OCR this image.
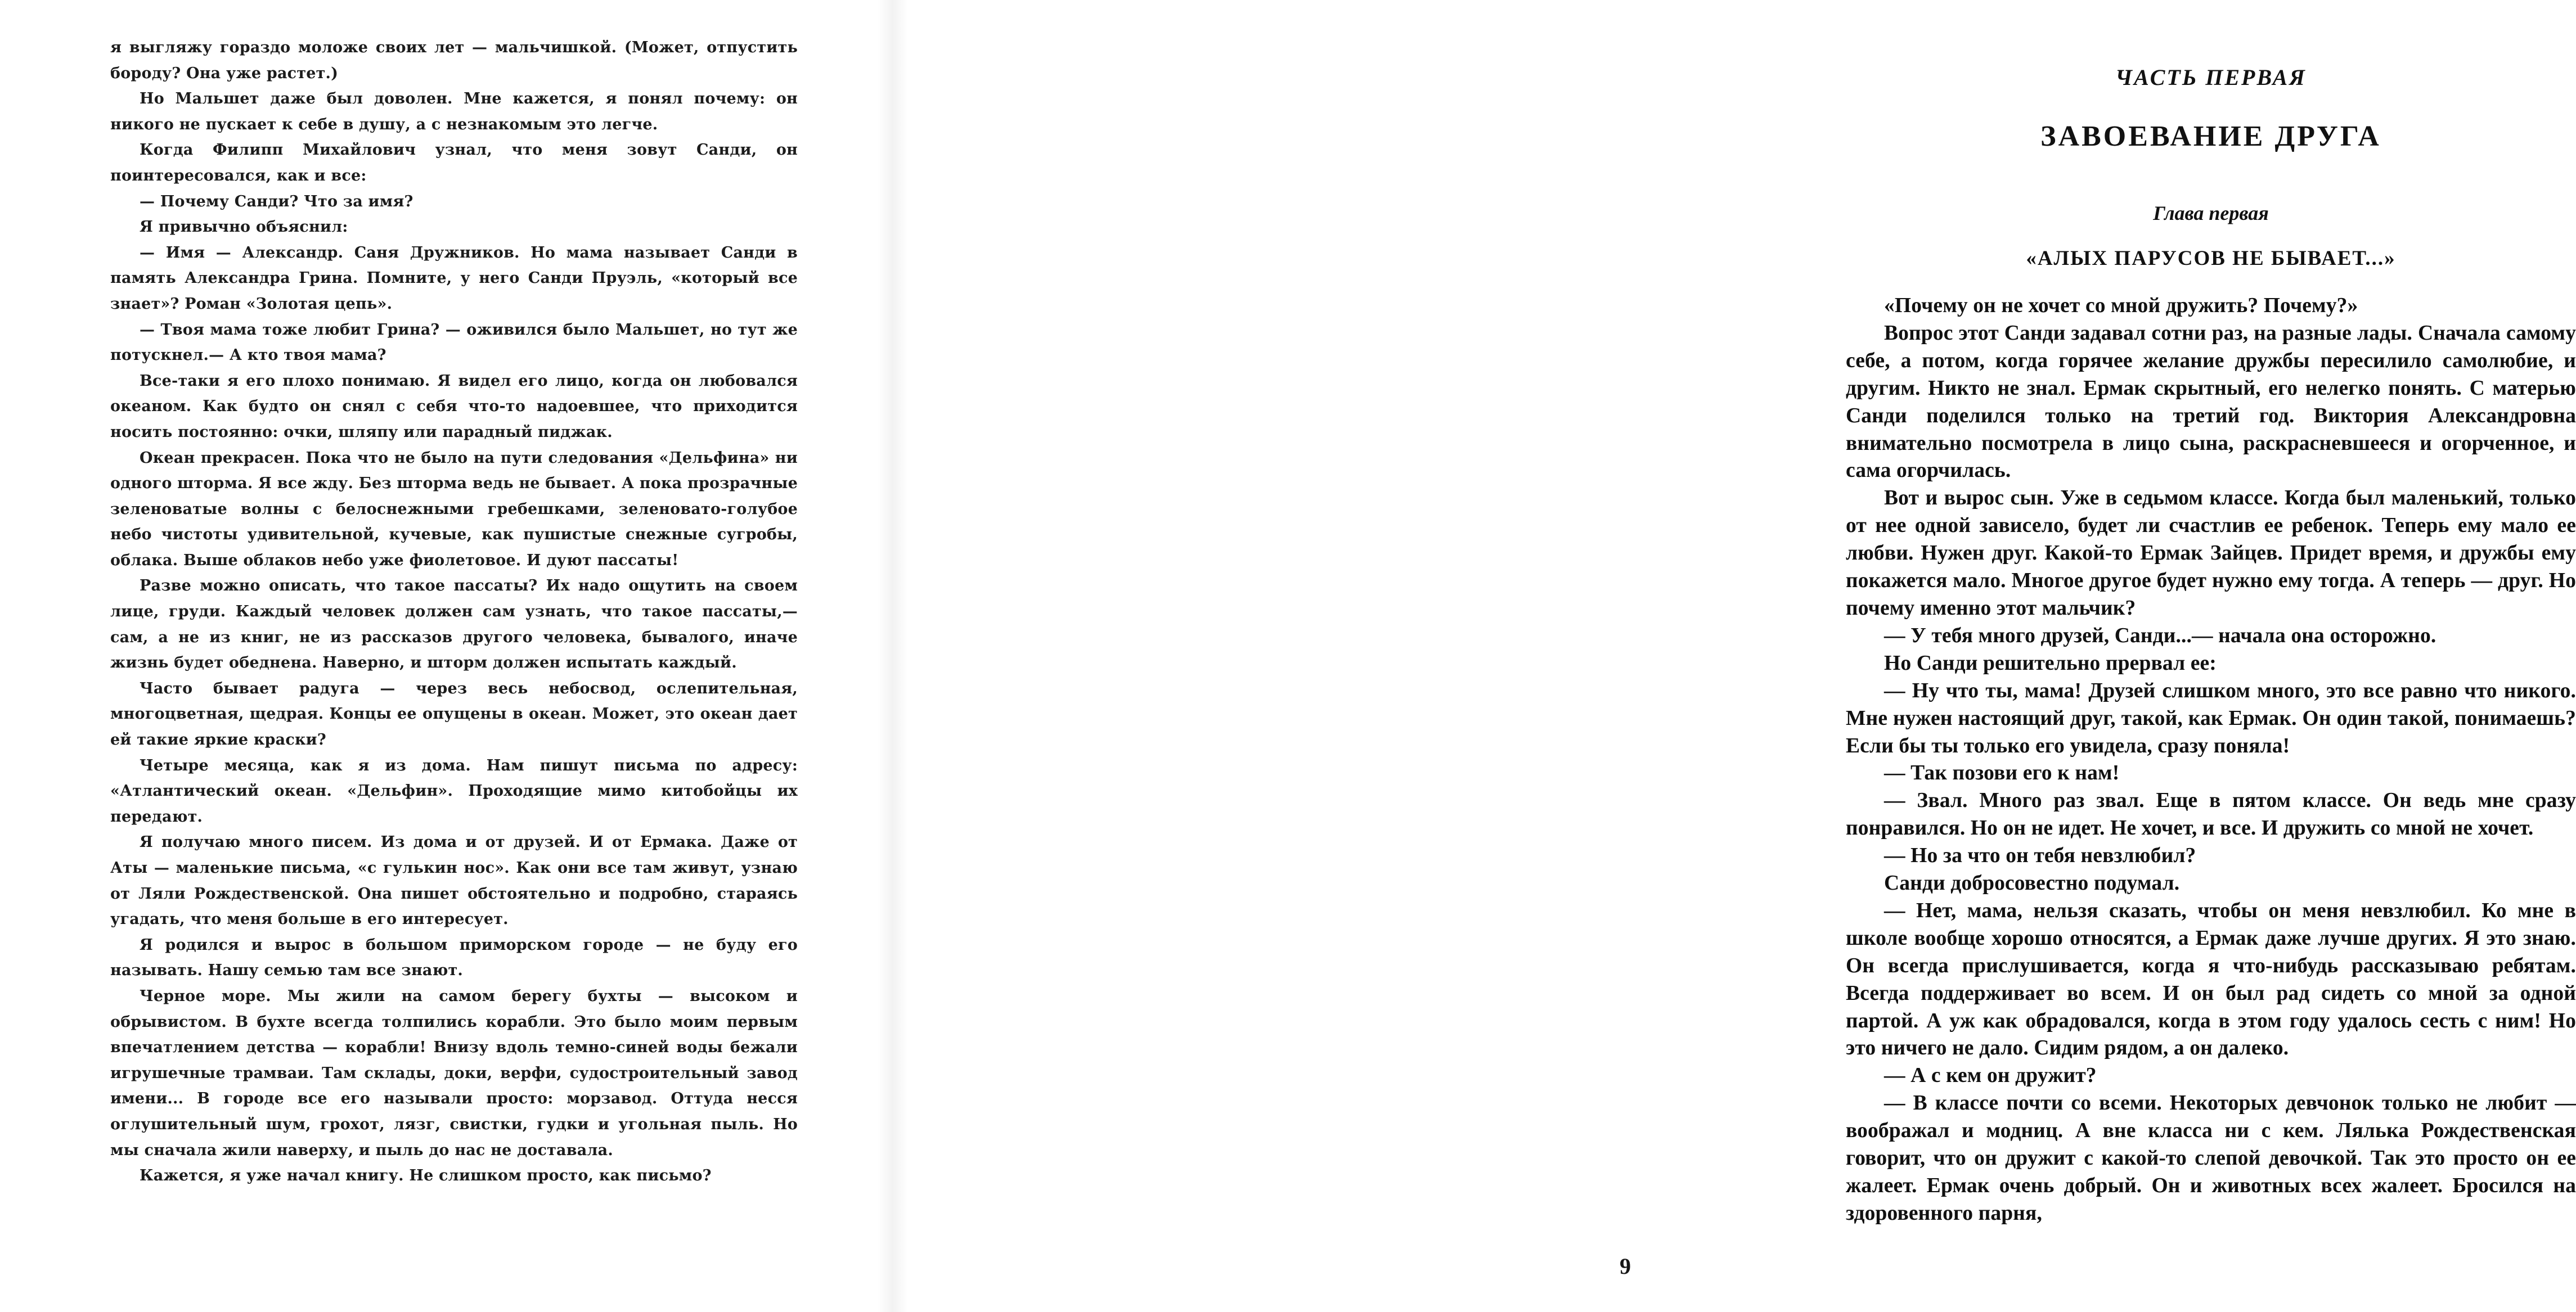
я выгляжу гораздо моложе своих лет — мальчишкой. (Может, отпустить бороду? Она уже растет.)

Но Мальшет даже был доволен. Мне кажется, я понял почему: он никого не пускает к себе в душу, а с незнакомым это легче.

Когда Филипп Михайлович узнал, что меня зовут Санди, он поинтересовался, как и все:

— Почему Санди? Что за имя?

Я привычно объяснил:

— Имя — Александр. Саня Дружников. Но мама называет Санди в память Александра Грина. Помните, у него Санди Пруэль, «который все знает»? Роман «Золотая цепь».

— Твоя мама тоже любит Грина? — оживился было Мальшет, но тут же потускнел.— А кто твоя мама?

Все-таки я его плохо понимаю. Я видел его лицо, когда он любовался океаном. Как будто он снял с себя что-то надоевшее, что приходится носить постоянно: очки, шляпу или парадный пиджак.

Океан прекрасен. Пока что не было на пути следования «Дельфина» ни одного шторма. Я все жду. Без шторма ведь не бывает. А пока прозрачные зеленоватые волны с белоснежными гребешками, зеленовато-голубое небо чистоты удивительной, кучевые, как пушистые снежные сугробы, облака. Выше облаков небо уже фиолетовое. И дуют пассаты!

Разве можно описать, что такое пассаты? Их надо ощутить на своем лице, груди. Каждый человек должен сам узнать, что такое пассаты,— сам, а не из книг, не из рассказов другого человека, бывалого, иначе жизнь будет обеднена. Наверно, и шторм должен испытать каждый.

Часто бывает радуга — через весь небосвод, ослепительная, многоцветная, щедрая. Концы ее опущены в океан. Может, это океан дает ей такие яркие краски?

Четыре месяца, как я из дома. Нам пишут письма по адресу: «Атлантический океан. «Дельфин». Проходящие мимо китобойцы их передают.

Я получаю много писем. Из дома и от друзей. И от Ермака. Даже от Аты — маленькие письма, «с гулькин нос». Как они все там живут, узнаю от Ляли Рождественской. Она пишет обстоятельно и подробно, стараясь угадать, что меня больше в его интересует.

Я родился и вырос в большом приморском городе — не буду его называть. Нашу семью там все знают.

Черное море. Мы жили на самом берегу бухты — высоком и обрывистом. В бухте всегда толпились корабли. Это было моим первым впечатлением детства — корабли! Внизу вдоль темно-синей воды бежали игрушечные трамваи. Там склады, доки, верфи, судостроительный завод имени... В городе все его называли просто: морзавод. Оттуда несся оглушительный шум, грохот, лязг, свистки, гудки и угольная пыль. Но мы сначала жили наверху, и пыль до нас не доставала.

Кажется, я уже начал книгу. Не слишком просто, как письмо?

ЧАСТЬ ПЕРВАЯ
ЗАВОЕВАНИЕ ДРУГА
Глава первая
«АЛЫХ ПАРУСОВ НЕ БЫВАЕТ...»

«Почему он не хочет со мной дружить? Почему?»

Вопрос этот Санди задавал сотни раз, на разные лады. Сначала самому себе, а потом, когда горячее желание дружбы пересилило самолюбие, и другим. Никто не знал. Ермак скрытный, его нелегко понять. С матерью Санди поделился только на третий год. Виктория Александровна внимательно посмотрела в лицо сына, раскрасневшееся и огорченное, и сама огорчилась.

Вот и вырос сын. Уже в седьмом классе. Когда был маленький, только от нее одной зависело, будет ли счастлив ее ребенок. Теперь ему мало ее любви. Нужен друг. Какой-то Ермак Зайцев. Придет время, и дружбы ему покажется мало. Многое другое будет нужно ему тогда. А теперь — друг. Но почему именно этот мальчик?

— У тебя много друзей, Санди...— начала она осторожно.

Но Санди решительно прервал ее:

— Ну что ты, мама! Друзей слишком много, это все равно что никого. Мне нужен настоящий друг, такой, как Ермак. Он один такой, понимаешь? Если бы ты только его увидела, сразу поняла!

— Так позови его к нам!

— Звал. Много раз звал. Еще в пятом классе. Он ведь мне сразу понравился. Но он не идет. Не хочет, и все. И дружить со мной не хочет.

— Но за что он тебя невзлюбил?

Санди добросовестно подумал.

— Нет, мама, нельзя сказать, чтобы он меня невзлюбил. Ко мне в школе вообще хорошо относятся, а Ермак даже лучше других. Я это знаю. Он всегда прислушивается, когда я что-нибудь рассказываю ребятам. Всегда поддерживает во всем. И он был рад сидеть со мной за одной партой. А уж как обрадовался, когда в этом году удалось сесть с ним! Но это ничего не дало. Сидим рядом, а он далеко.

— А с кем он дружит?

— В классе почти со всеми. Некоторых девчонок только не любит — воображал и модниц. А вне класса ни с кем. Лялька Рождественская говорит, что он дружит с какой-то слепой девочкой. Так это просто он ее жалеет. Ермак очень добрый. Он и животных всех жалеет. Бросился на здоровенного парня,

9
